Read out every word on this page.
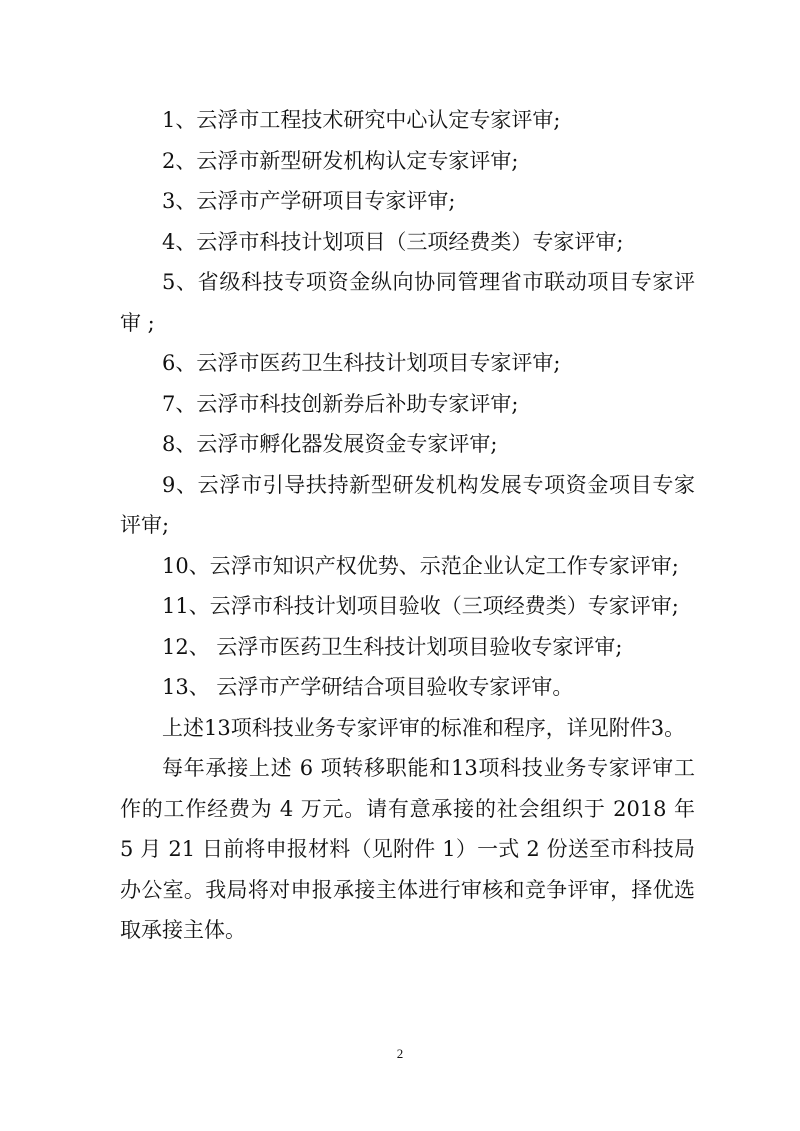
1、云浮市工程技术研究中心认定专家评审;

2、云浮市新型研发机构认定专家评审;

3、云浮市产学研项目专家评审;

4、云浮市科技计划项目（三项经费类）专家评审;

5、省级科技专项资金纵向协同管理省市联动项目专家评审 ;

6、云浮市医药卫生科技计划项目专家评审;

7、云浮市科技创新券后补助专家评审;

8、云浮市孵化器发展资金专家评审;

9、云浮市引导扶持新型研发机构发展专项资金项目专家评审;

10、云浮市知识产权优势、示范企业认定工作专家评审;

11、云浮市科技计划项目验收（三项经费类）专家评审;

12、 云浮市医药卫生科技计划项目验收专家评审;

13、 云浮市产学研结合项目验收专家评审。

上述13项科技业务专家评审的标准和程序，详见附件3。

每年承接上述 6 项转移职能和13项科技业务专家评审工作的工作经费为 4 万元。请有意承接的社会组织于 2018 年 5 月 21 日前将申报材料（见附件 1）一式 2 份送至市科技局办公室。我局将对申报承接主体进行审核和竞争评审，择优选取承接主体。

2
